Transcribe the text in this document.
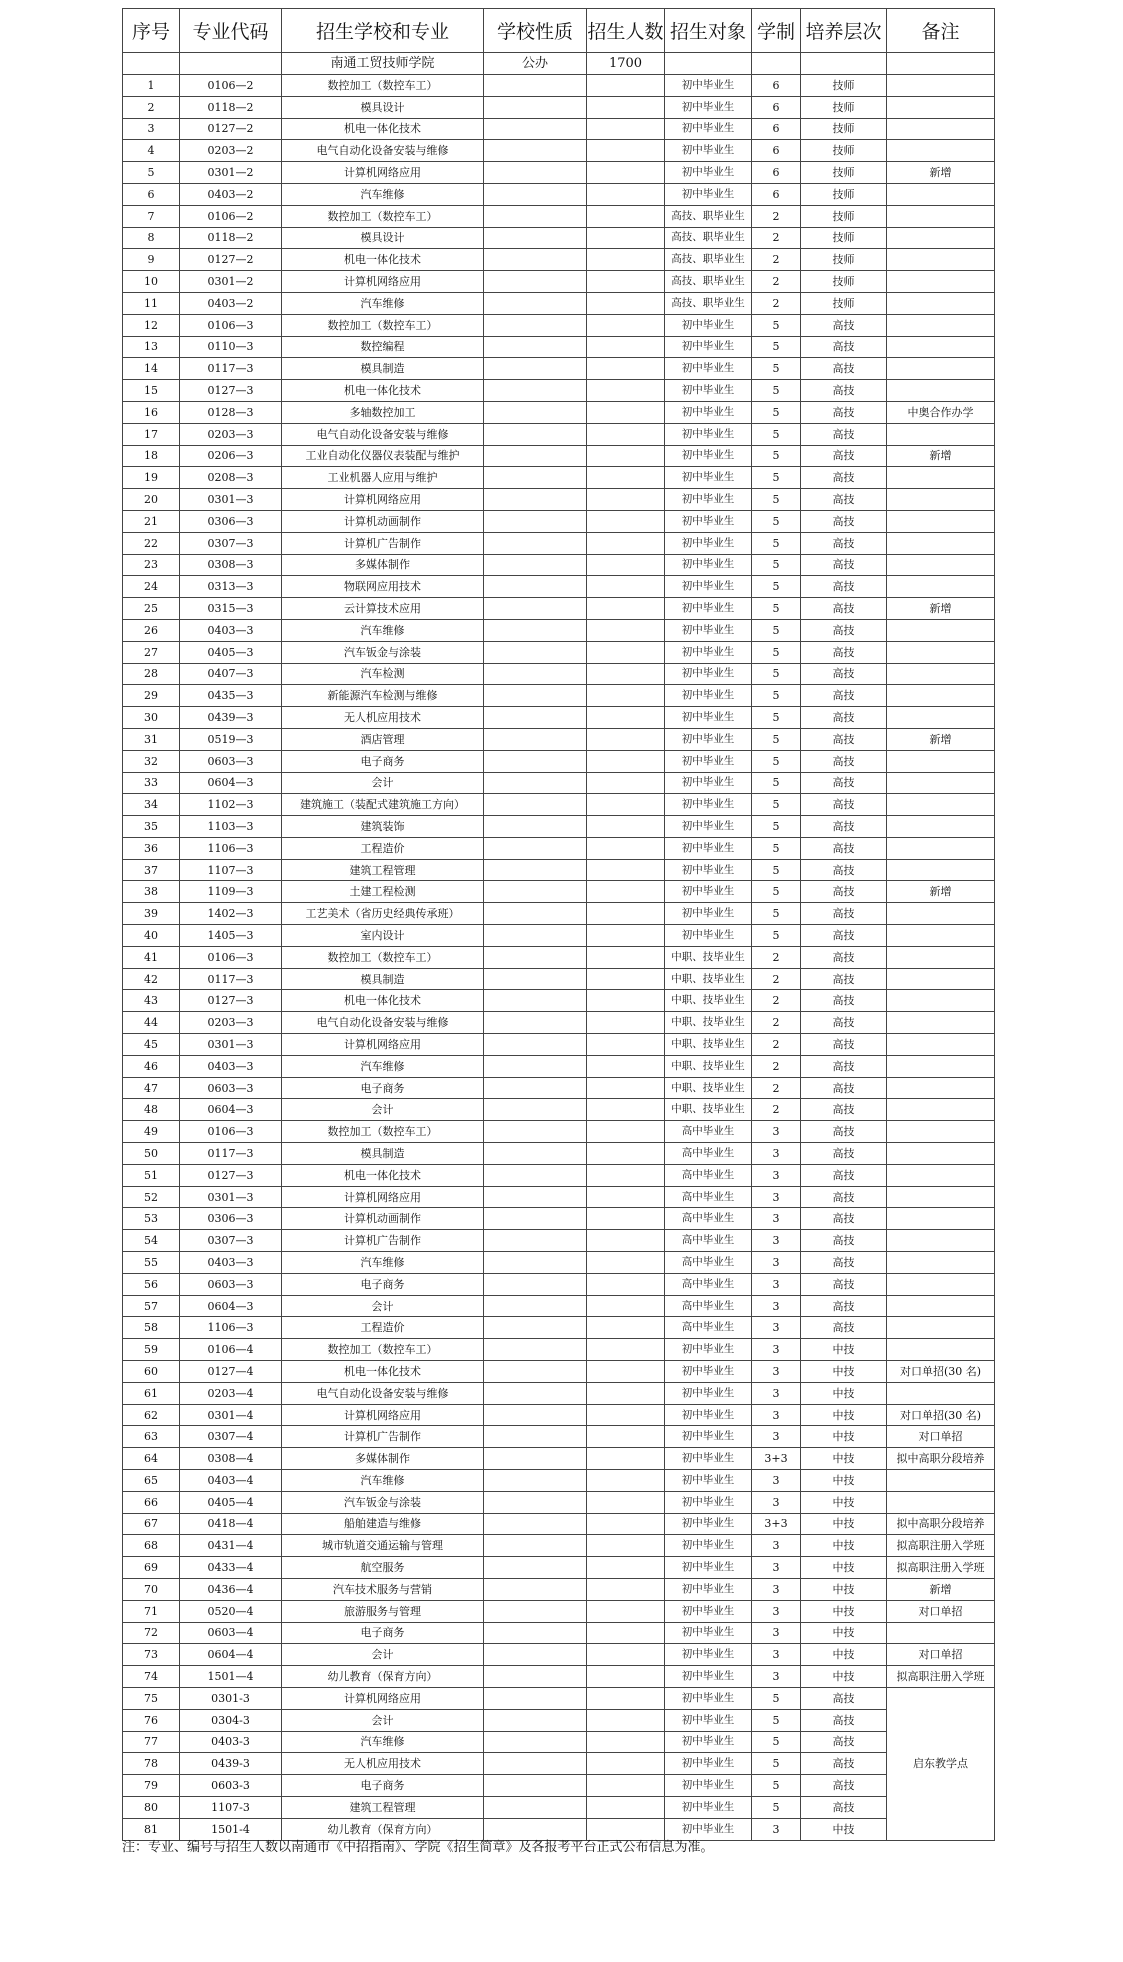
序号	专业代码	招生学校和专业	学校性质	招生人数	招生对象	学制	培养层次	备注
		南通工贸技师学院	公办	1700				
1	0106—2	数控加工（数控车工）			初中毕业生	6	技师	
2	0118—2	模具设计			初中毕业生	6	技师	
3	0127—2	机电一体化技术			初中毕业生	6	技师	
4	0203—2	电气自动化设备安装与维修			初中毕业生	6	技师	
5	0301—2	计算机网络应用			初中毕业生	6	技师	新增
6	0403—2	汽车维修			初中毕业生	6	技师	
7	0106—2	数控加工（数控车工）			高技、职毕业生	2	技师	
8	0118—2	模具设计			高技、职毕业生	2	技师	
9	0127—2	机电一体化技术			高技、职毕业生	2	技师	
10	0301—2	计算机网络应用			高技、职毕业生	2	技师	
11	0403—2	汽车维修			高技、职毕业生	2	技师	
12	0106—3	数控加工（数控车工）			初中毕业生	5	高技	
13	0110—3	数控编程			初中毕业生	5	高技	
14	0117—3	模具制造			初中毕业生	5	高技	
15	0127—3	机电一体化技术			初中毕业生	5	高技	
16	0128—3	多轴数控加工			初中毕业生	5	高技	中奥合作办学
17	0203—3	电气自动化设备安装与维修			初中毕业生	5	高技	
18	0206—3	工业自动化仪器仪表装配与维护			初中毕业生	5	高技	新增
19	0208—3	工业机器人应用与维护			初中毕业生	5	高技	
20	0301—3	计算机网络应用			初中毕业生	5	高技	
21	0306—3	计算机动画制作			初中毕业生	5	高技	
22	0307—3	计算机广告制作			初中毕业生	5	高技	
23	0308—3	多媒体制作			初中毕业生	5	高技	
24	0313—3	物联网应用技术			初中毕业生	5	高技	
25	0315—3	云计算技术应用			初中毕业生	5	高技	新增
26	0403—3	汽车维修			初中毕业生	5	高技	
27	0405—3	汽车钣金与涂装			初中毕业生	5	高技	
28	0407—3	汽车检测			初中毕业生	5	高技	
29	0435—3	新能源汽车检测与维修			初中毕业生	5	高技	
30	0439—3	无人机应用技术			初中毕业生	5	高技	
31	0519—3	酒店管理			初中毕业生	5	高技	新增
32	0603—3	电子商务			初中毕业生	5	高技	
33	0604—3	会计			初中毕业生	5	高技	
34	1102—3	建筑施工（装配式建筑施工方向）			初中毕业生	5	高技	
35	1103—3	建筑装饰			初中毕业生	5	高技	
36	1106—3	工程造价			初中毕业生	5	高技	
37	1107—3	建筑工程管理			初中毕业生	5	高技	
38	1109—3	土建工程检测			初中毕业生	5	高技	新增
39	1402—3	工艺美术（省历史经典传承班）			初中毕业生	5	高技	
40	1405—3	室内设计			初中毕业生	5	高技	
41	0106—3	数控加工（数控车工）			中职、技毕业生	2	高技	
42	0117—3	模具制造			中职、技毕业生	2	高技	
43	0127—3	机电一体化技术			中职、技毕业生	2	高技	
44	0203—3	电气自动化设备安装与维修			中职、技毕业生	2	高技	
45	0301—3	计算机网络应用			中职、技毕业生	2	高技	
46	0403—3	汽车维修			中职、技毕业生	2	高技	
47	0603—3	电子商务			中职、技毕业生	2	高技	
48	0604—3	会计			中职、技毕业生	2	高技	
49	0106—3	数控加工（数控车工）			高中毕业生	3	高技	
50	0117—3	模具制造			高中毕业生	3	高技	
51	0127—3	机电一体化技术			高中毕业生	3	高技	
52	0301—3	计算机网络应用			高中毕业生	3	高技	
53	0306—3	计算机动画制作			高中毕业生	3	高技	
54	0307—3	计算机广告制作			高中毕业生	3	高技	
55	0403—3	汽车维修			高中毕业生	3	高技	
56	0603—3	电子商务			高中毕业生	3	高技	
57	0604—3	会计			高中毕业生	3	高技	
58	1106—3	工程造价			高中毕业生	3	高技	
59	0106—4	数控加工（数控车工）			初中毕业生	3	中技	
60	0127—4	机电一体化技术			初中毕业生	3	中技	对口单招(30 名)
61	0203—4	电气自动化设备安装与维修			初中毕业生	3	中技	
62	0301—4	计算机网络应用			初中毕业生	3	中技	对口单招(30 名)
63	0307—4	计算机广告制作			初中毕业生	3	中技	对口单招
64	0308—4	多媒体制作			初中毕业生	3+3	中技	拟中高职分段培养
65	0403—4	汽车维修			初中毕业生	3	中技	
66	0405—4	汽车钣金与涂装			初中毕业生	3	中技	
67	0418—4	船舶建造与维修			初中毕业生	3+3	中技	拟中高职分段培养
68	0431—4	城市轨道交通运输与管理			初中毕业生	3	中技	拟高职注册入学班
69	0433—4	航空服务			初中毕业生	3	中技	拟高职注册入学班
70	0436—4	汽车技术服务与营销			初中毕业生	3	中技	新增
71	0520—4	旅游服务与管理			初中毕业生	3	中技	对口单招
72	0603—4	电子商务			初中毕业生	3	中技	
73	0604—4	会计			初中毕业生	3	中技	对口单招
74	1501—4	幼儿教育（保育方向）			初中毕业生	3	中技	拟高职注册入学班
75	0301-3	计算机网络应用			初中毕业生	5	高技	启东教学点
76	0304-3	会计			初中毕业生	5	高技	
77	0403-3	汽车维修			初中毕业生	5	高技	
78	0439-3	无人机应用技术			初中毕业生	5	高技	
79	0603-3	电子商务			初中毕业生	5	高技	
80	1107-3	建筑工程管理			初中毕业生	5	高技	
81	1501-4	幼儿教育（保育方向）			初中毕业生	3	中技	
注：专业、编号与招生人数以南通市《中招指南》、学院《招生简章》及各报考平台正式公布信息为准。
